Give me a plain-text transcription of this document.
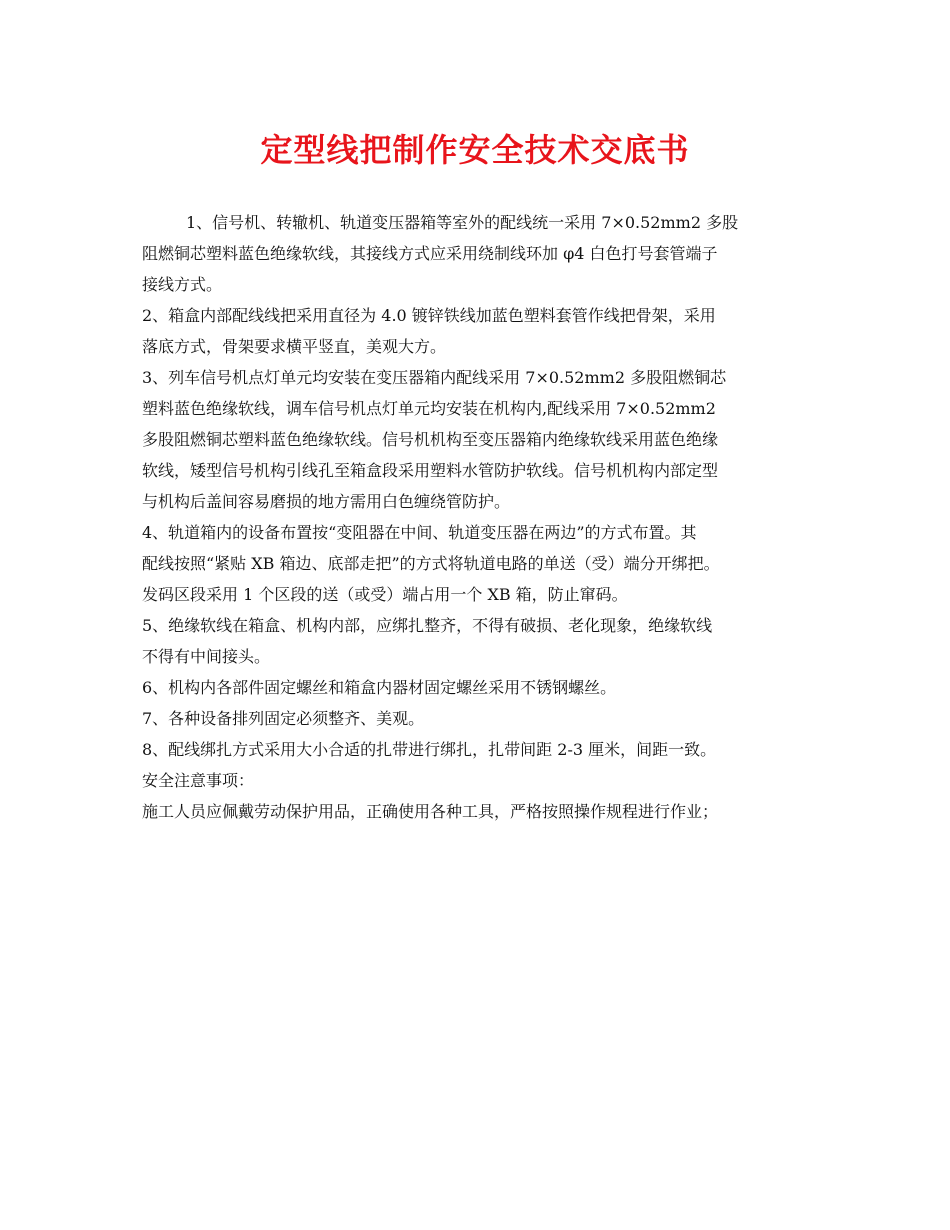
定型线把制作安全技术交底书
1、信号机、转辙机、轨道变压器箱等室外的配线统一采用 7×0.52mm2 多股
阻燃铜芯塑料蓝色绝缘软线，其接线方式应采用绕制线环加 φ4 白色打号套管端子
接线方式。
2、箱盒内部配线线把采用直径为 4.0 镀锌铁线加蓝色塑料套管作线把骨架，采用
落底方式，骨架要求横平竖直，美观大方。
3、列车信号机点灯单元均安装在变压器箱内配线采用 7×0.52mm2 多股阻燃铜芯
塑料蓝色绝缘软线，调车信号机点灯单元均安装在机构内,配线采用 7×0.52mm2
多股阻燃铜芯塑料蓝色绝缘软线。信号机机构至变压器箱内绝缘软线采用蓝色绝缘
软线，矮型信号机构引线孔至箱盒段采用塑料水管防护软线。信号机机构内部定型
与机构后盖间容易磨损的地方需用白色缠绕管防护。
4、轨道箱内的设备布置按“变阻器在中间、轨道变压器在两边”的方式布置。其
配线按照“紧贴 XB 箱边、底部走把”的方式将轨道电路的单送（受）端分开绑把。
发码区段采用 1 个区段的送（或受）端占用一个 XB 箱，防止窜码。
5、绝缘软线在箱盒、机构内部，应绑扎整齐，不得有破损、老化现象，绝缘软线
不得有中间接头。
6、机构内各部件固定螺丝和箱盒内器材固定螺丝采用不锈钢螺丝。
7、各种设备排列固定必须整齐、美观。
8、配线绑扎方式采用大小合适的扎带进行绑扎，扎带间距 2-3 厘米，间距一致。
安全注意事项：
施工人员应佩戴劳动保护用品，正确使用各种工具，严格按照操作规程进行作业；
